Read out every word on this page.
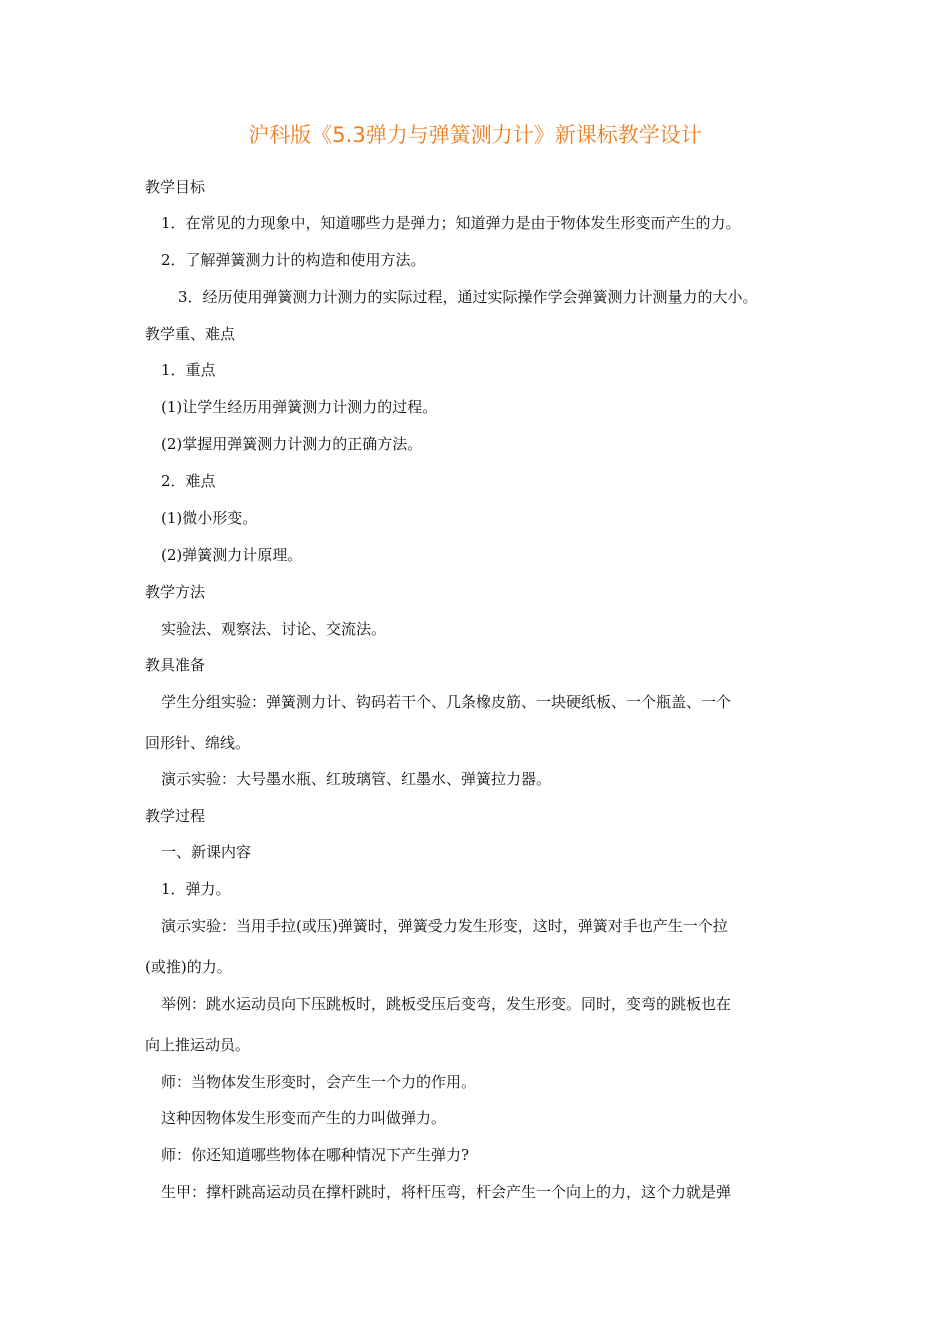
沪科版《5.3弹力与弹簧测力计》新课标教学设计
教学目标
1．在常见的力现象中，知道哪些力是弹力；知道弹力是由于物体发生形变而产生的力。
2．了解弹簧测力计的构造和使用方法。
3．经历使用弹簧测力计测力的实际过程，通过实际操作学会弹簧测力计测量力的大小。
教学重、难点
1．重点
(1)让学生经历用弹簧测力计测力的过程。
(2)掌握用弹簧测力计测力的正确方法。
2．难点
(1)微小形变。
(2)弹簧测力计原理。
教学方法
实验法、观察法、讨论、交流法。
教具准备
学生分组实验：弹簧测力计、钩码若干个、几条橡皮筋、一块硬纸板、一个瓶盖、一个
回形针、绵线。
演示实验：大号墨水瓶、红玻璃管、红墨水、弹簧拉力器。
教学过程
一、新课内容
1．弹力。
演示实验：当用手拉(或压)弹簧时，弹簧受力发生形变，这时，弹簧对手也产生一个拉
(或推)的力。
举例：跳水运动员向下压跳板时，跳板受压后变弯，发生形变。同时，变弯的跳板也在
向上推运动员。
师：当物体发生形变时，会产生一个力的作用。
这种因物体发生形变而产生的力叫做弹力。
师：你还知道哪些物体在哪种情况下产生弹力?
生甲：撑杆跳高运动员在撑杆跳时，将杆压弯，杆会产生一个向上的力，这个力就是弹
